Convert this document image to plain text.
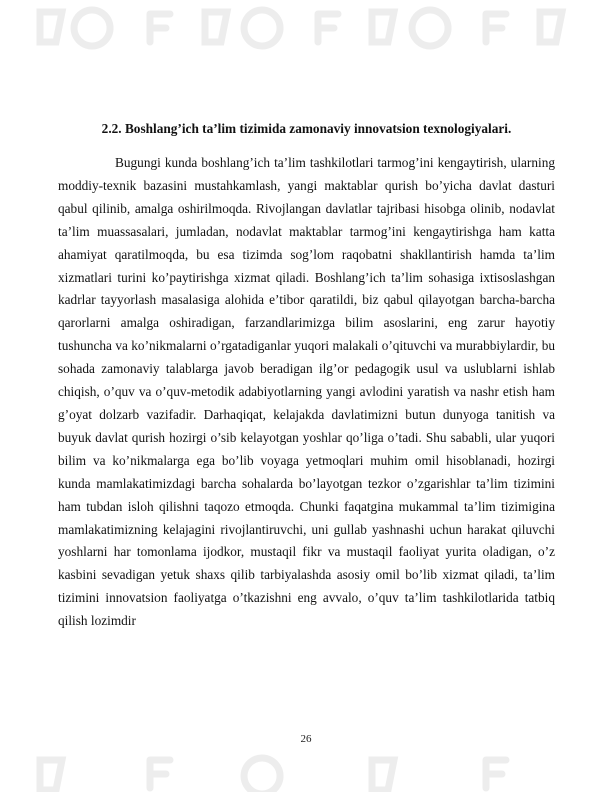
2.2. Boshlang’ich ta’lim tizimida zamonaviy innovatsion texnologiyalari.

Bugungi kunda boshlang’ich ta’lim tashkilotlari tarmog’ini kengaytirish, ularning moddiy-texnik bazasini mustahkamlash, yangi maktablar qurish bo’yicha davlat dasturi qabul qilinib, amalga oshirilmoqda. Rivojlangan davlatlar tajribasi hisobga olinib, nodavlat ta’lim muassasalari, jumladan, nodavlat maktablar tarmog’ini kengaytirishga ham katta ahamiyat qaratilmoqda, bu esa tizimda sog’lom raqobatni shakllantirish hamda ta’lim xizmatlari turini ko’paytirishga xizmat qiladi. Boshlang’ich ta’lim sohasiga ixtisoslashgan kadrlar tayyorlash masalasiga alohida e’tibor qaratildi, biz qabul qilayotgan barcha-barcha qarorlarni amalga oshiradigan, farzandlarimizga bilim asoslarini, eng zarur hayotiy tushuncha va ko’nikmalarni o’rgatadiganlar yuqori malakali o’qituvchi va murabbiylardir, bu sohada zamonaviy talablarga javob beradigan ilg’or pedagogik usul va uslublarni ishlab chiqish, o’quv va o’quv-metodik adabiyotlarning yangi avlodini yaratish va nashr etish ham g’oyat dolzarb vazifadir. Darhaqiqat, kelajakda davlatimizni butun dunyoga tanitish va buyuk davlat qurish hozirgi o’sib kelayotgan yoshlar qo’liga o’tadi. Shu sababli, ular yuqori bilim va ko’nikmalarga ega bo’lib voyaga yetmoqlari muhim omil hisoblanadi, hozirgi kunda mamlakatimizdagi barcha sohalarda bo’layotgan tezkor o’zgarishlar ta’lim tizimini ham tubdan isloh qilishni taqozo etmoqda. Chunki faqatgina mukammal ta’lim tizimigina mamlakatimizning kelajagini rivojlantiruvchi, uni gullab yashnashi uchun harakat qiluvchi yoshlarni har tomonlama ijodkor, mustaqil fikr va mustaqil faoliyat yurita oladigan, o’z kasbini sevadigan yetuk shaxs qilib tarbiyalashda asosiy omil bo’lib xizmat qiladi, ta’lim tizimini innovatsion faoliyatga o’tkazishni eng avvalo, o’quv ta’lim tashkilotlarida tatbiq qilish lozimdir

26
